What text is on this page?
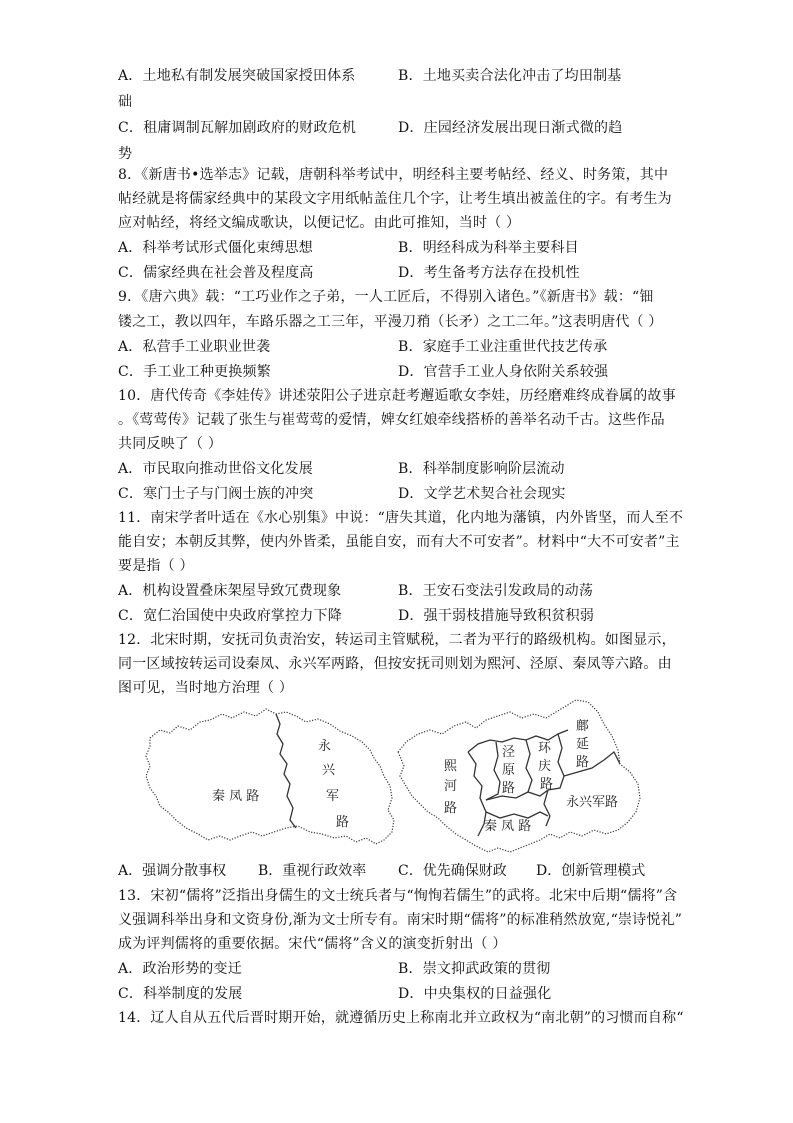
A．土地私有制发展突破国家授田体系	B．土地买卖合法化冲击了均田制基
础
C．租庸调制瓦解加剧政府的财政危机	D．庄园经济发展出现日渐式微的趋
势
8．《新唐书•选举志》记载，唐朝科举考试中，明经科主要考帖经、经义、时务策，其中
帖经就是将儒家经典中的某段文字用纸帖盖住几个字，让考生填出被盖住的字。有考生为
应对帖经，将经文编成歌诀，以便记忆。由此可推知，当时（ ）
A．科举考试形式僵化束缚思想	B．明经科成为科举主要科目
C．儒家经典在社会普及程度高	D．考生备考方法存在投机性
9．《唐六典》载：“工巧业作之子弟，一人工匠后，不得别入诸色。”《新唐书》载：“钿
镂之工，教以四年，车路乐器之工三年，平漫刀矟（长矛）之工二年。”这表明唐代（ ）
A．私营手工业职业世袭	B．家庭手工业注重世代技艺传承
C．手工业工种更换频繁	D．官营手工业人身依附关系较强
10．唐代传奇《李娃传》讲述荥阳公子进京赶考邂逅歌女李娃，历经磨难终成眷属的故事
。《莺莺传》记载了张生与崔莺莺的爱情，婢女红娘牵线搭桥的善举名动千古。这些作品
共同反映了（ ）
A．市民取向推动世俗文化发展	B．科举制度影响阶层流动
C．寒门士子与门阀士族的冲突	D．文学艺术契合社会现实
11．南宋学者叶适在《水心别集》中说：“唐失其道，化内地为藩镇，内外皆坚，而人至不
能自安；本朝反其弊，使内外皆柔，虽能自安，而有大不可安者”。材料中“大不可安者”主
要是指（ ）
A．机构设置叠床架屋导致冗费现象	B．王安石变法引发政局的动荡
C．宽仁治国使中央政府掌控力下降	D．强干弱枝措施导致积贫积弱
12．北宋时期，安抚司负责治安，转运司主管赋税，二者为平行的路级机构。如图显示，
同一区域按转运司设秦凤、永兴军两路，但按安抚司则划为熙河、泾原、秦凤等六路。由
图可见，当时地方治理（ ）
秦 凤 路
永
兴
军
路
熙
河
路
泾
原
路
环
庆
路
鄜
延
路
秦 凤 路
永兴军路
A．强调分散事权 B．重视行政效率 C．优先确保财政 D．创新管理模式
13．宋初“儒将”泛指出身儒生的文士统兵者与“恂恂若儒生”的武将。北宋中后期“儒将”含
义强调科举出身和文资身份,渐为文士所专有。南宋时期“儒将”的标准稍然放宽,“崇诗悦礼”
成为评判儒将的重要依据。宋代“儒将”含义的演变折射出（ ）
A．政治形势的变迁	B．崇文抑武政策的贯彻
C．科举制度的发展	D．中央集权的日益强化
14．辽人自从五代后晋时期开始，就遵循历史上称南北并立政权为“南北朝”的习惯而自称“
